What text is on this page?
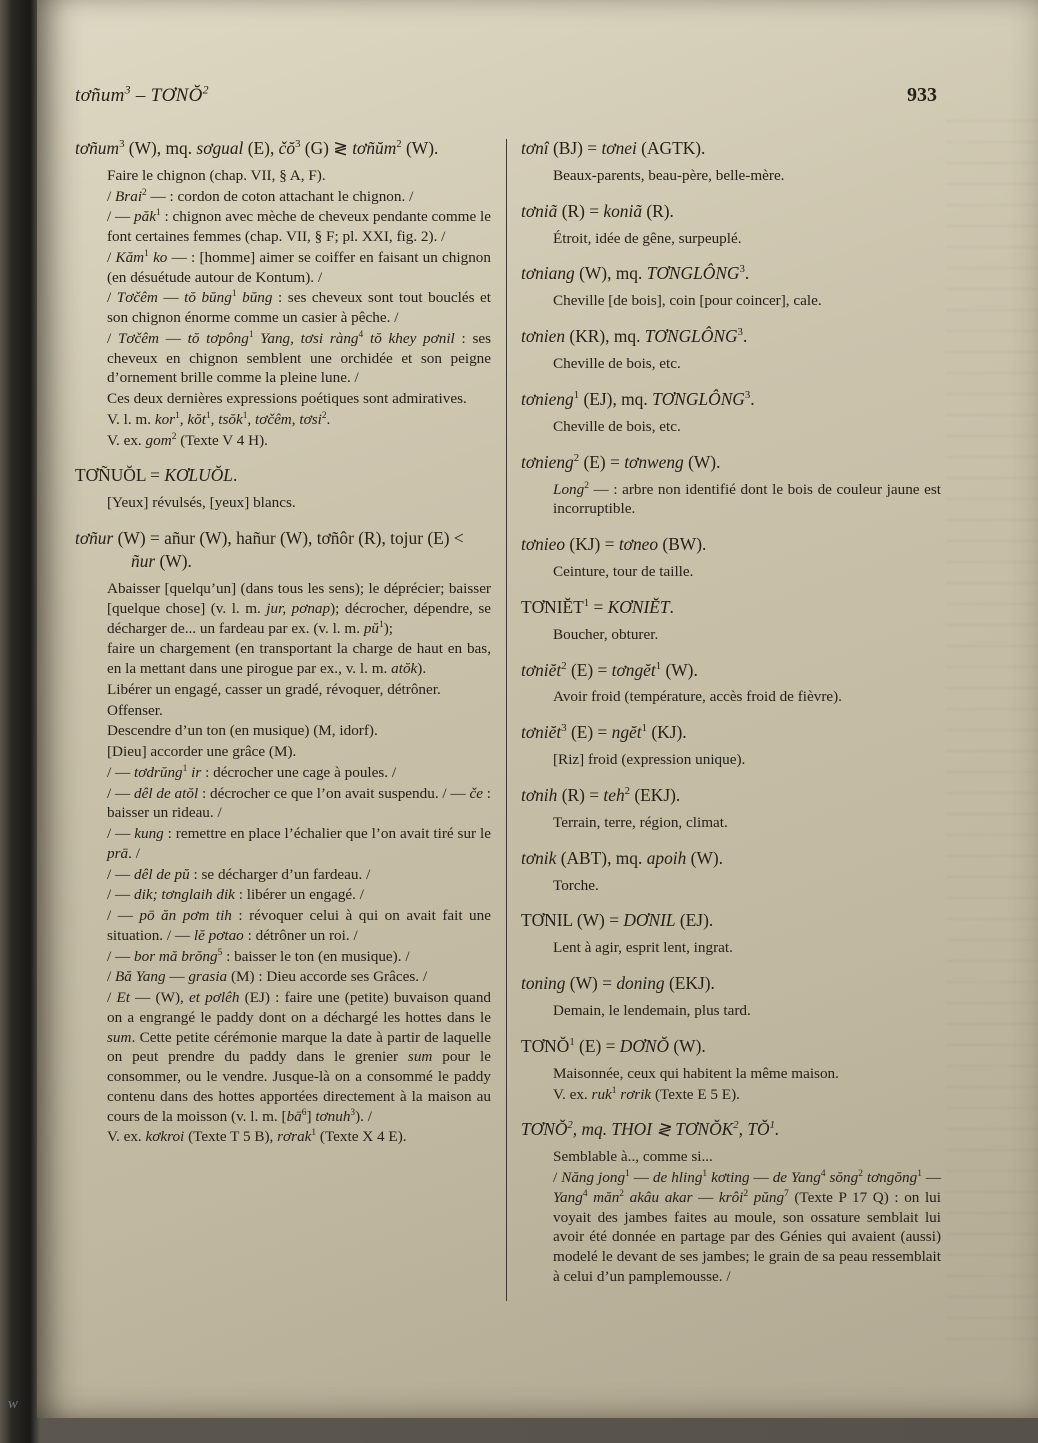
tơñum$^3$ – TƠNŎ$^2$	933

tơñum$^3$ (W), mq. sơgual (E), $čŏ^3$ (G) ≷ tơñŭm$^2$ (W).

Faire le chignon (chap. VII, § A, F).

/ Brai$^2$ — : cordon de coton attachant le chignon. /

/ — păk$^1$ : chignon avec mèche de cheveux pendante comme le font certaines femmes (chap. VII, § F; pl. XXI, fig. 2). /

/ Kăm$^1$ ko — : [homme] aimer se coiffer en faisant un chignon (en désuétude autour de Kontum). /

/ Tơčêm — tŏ bŭng$^1$ bŭng : ses cheveux sont tout bouclés et son chignon énorme comme un casier à pêche. /

/ Tơčêm — tŏ tơpông$^1$ Yang, tơsi ràng$^4$ tŏ khey pơnil : ses cheveux en chignon semblent une orchidée et son peigne d’ornement brille comme la pleine lune. /

Ces deux dernières expressions poétiques sont admiratives.

V. l. m. kor$^1$, kŏt$^1$, tsŏk$^1$, tơčêm, tơsi$^2$.

V. ex. gom$^2$ (Texte V 4 H).

TƠÑUŎL = KƠLUŎL.

[Yeux] révulsés, [yeux] blancs.

tơñur (W) = añur (W), hañur (W), tơñôr (R), tojur (E) < ñur (W).

Abaisser [quelqu’un] (dans tous les sens); le déprécier; baisser [quelque chose] (v. l. m. jur, pơnap); décrocher, dépendre, se décharger de... un fardeau par ex. (v. l. m. $pŭ^1$);

faire un chargement (en transportant la charge de haut en bas, en la mettant dans une pirogue par ex., v. l. m. atŏk).

Libérer un engagé, casser un gradé, révoquer, détrôner.

Offenser.

Descendre d’un ton (en musique) (M, idorf).

[Dieu] accorder une grâce (M).

/ — tơdrŭng$^1$ ir : décrocher une cage à poules. /

/ — dêl de atŏl : décrocher ce que l’on avait suspendu. / — če : baisser un rideau. /

/ — kung : remettre en place l’échalier que l’on avait tiré sur le prā. /

/ — dêl de pŭ : se décharger d’un fardeau. /

/ — dik; tơnglaih dik : libérer un engagé. /

/ — pō ăn pơm tih : révoquer celui à qui on avait fait une situation. / — lĕ pơtao : détrôner un roi. /

/ — bor mă brŏng$^5$ : baisser le ton (en musique). /

/ Bă Yang — grasia (M) : Dieu accorde ses Grâces. /

/ Et — (W), et pơlêh (EJ) : faire une (petite) buvaison quand on a engrangé le paddy dont on a déchargé les hottes dans le sum. Cette petite cérémonie marque la date à partir de laquelle on peut prendre du paddy dans le grenier sum pour le consommer, ou le vendre. Jusque-là on a consommé le paddy contenu dans des hottes apportées directement à la maison au cours de la moisson (v. l. m. $[bā^6]$ tơnuh$^3$). /

V. ex. kơkroi (Texte T 5 B), rơrak$^1$ (Texte X 4 E).

tơnî (BJ) = tơnei (AGTK).

Beaux-parents, beau-père, belle-mère.

tơniã (R) = koniã (R).

Étroit, idée de gêne, surpeuplé.

tơniang (W), mq. TƠNGLÔNG$^3$.

Cheville [de bois], coin [pour coincer], cale.

tơnien (KR), mq. TƠNGLÔNG$^3$.

Cheville de bois, etc.

tơnieng$^1$ (EJ), mq. TƠNGLÔNG$^3$.

Cheville de bois, etc.

tơnieng$^2$ (E) = tơnweng (W).

Long$^2$ — : arbre non identifié dont le bois de couleur jaune est incorruptible.

tơnieo (KJ) = tơneo (BW).

Ceinture, tour de taille.

$TƠNIĔT^1$ = KƠNIĔT.

Boucher, obturer.

tơniĕt$^2$ (E) = tơngĕt$^1$ (W).

Avoir froid (température, accès froid de fièvre).

tơniĕt$^3$ (E) = ngĕt$^1$ (KJ).

[Riz] froid (expression unique).

tơnih (R) = teh$^2$ (EKJ).

Terrain, terre, région, climat.

tơnik (ABT), mq. apoih (W).

Torche.

TƠNIL (W) = DƠNIL (EJ).

Lent à agir, esprit lent, ingrat.

toning (W) = doning (EKJ).

Demain, le lendemain, plus tard.

TƠNŎ$^1$ (E) = DƠNŎ (W).

Maisonnée, ceux qui habitent la même maison.

V. ex. ruk$^1$ rơrik (Texte E 5 E).

TƠNŎ$^2$, mq. THOI ≷ TƠNŎK$^2$, $TŎ^1$.

Semblable à.., comme si...

/ Năng jong$^1$ — de hling$^1$ kơting — de Yang$^4$ sŏng$^2$ tơngŏng$^1$ — Yang$^4$ măn$^2$ akâu akar — krôi$^2$ pŭng$^7$ (Texte P 17 Q) : on lui voyait des jambes faites au moule, son ossature semblait lui avoir été donnée en partage par des Génies qui avaient (aussi) modelé le devant de ses jambes; le grain de sa peau ressemblait à celui d’un pamplemousse. /

w
